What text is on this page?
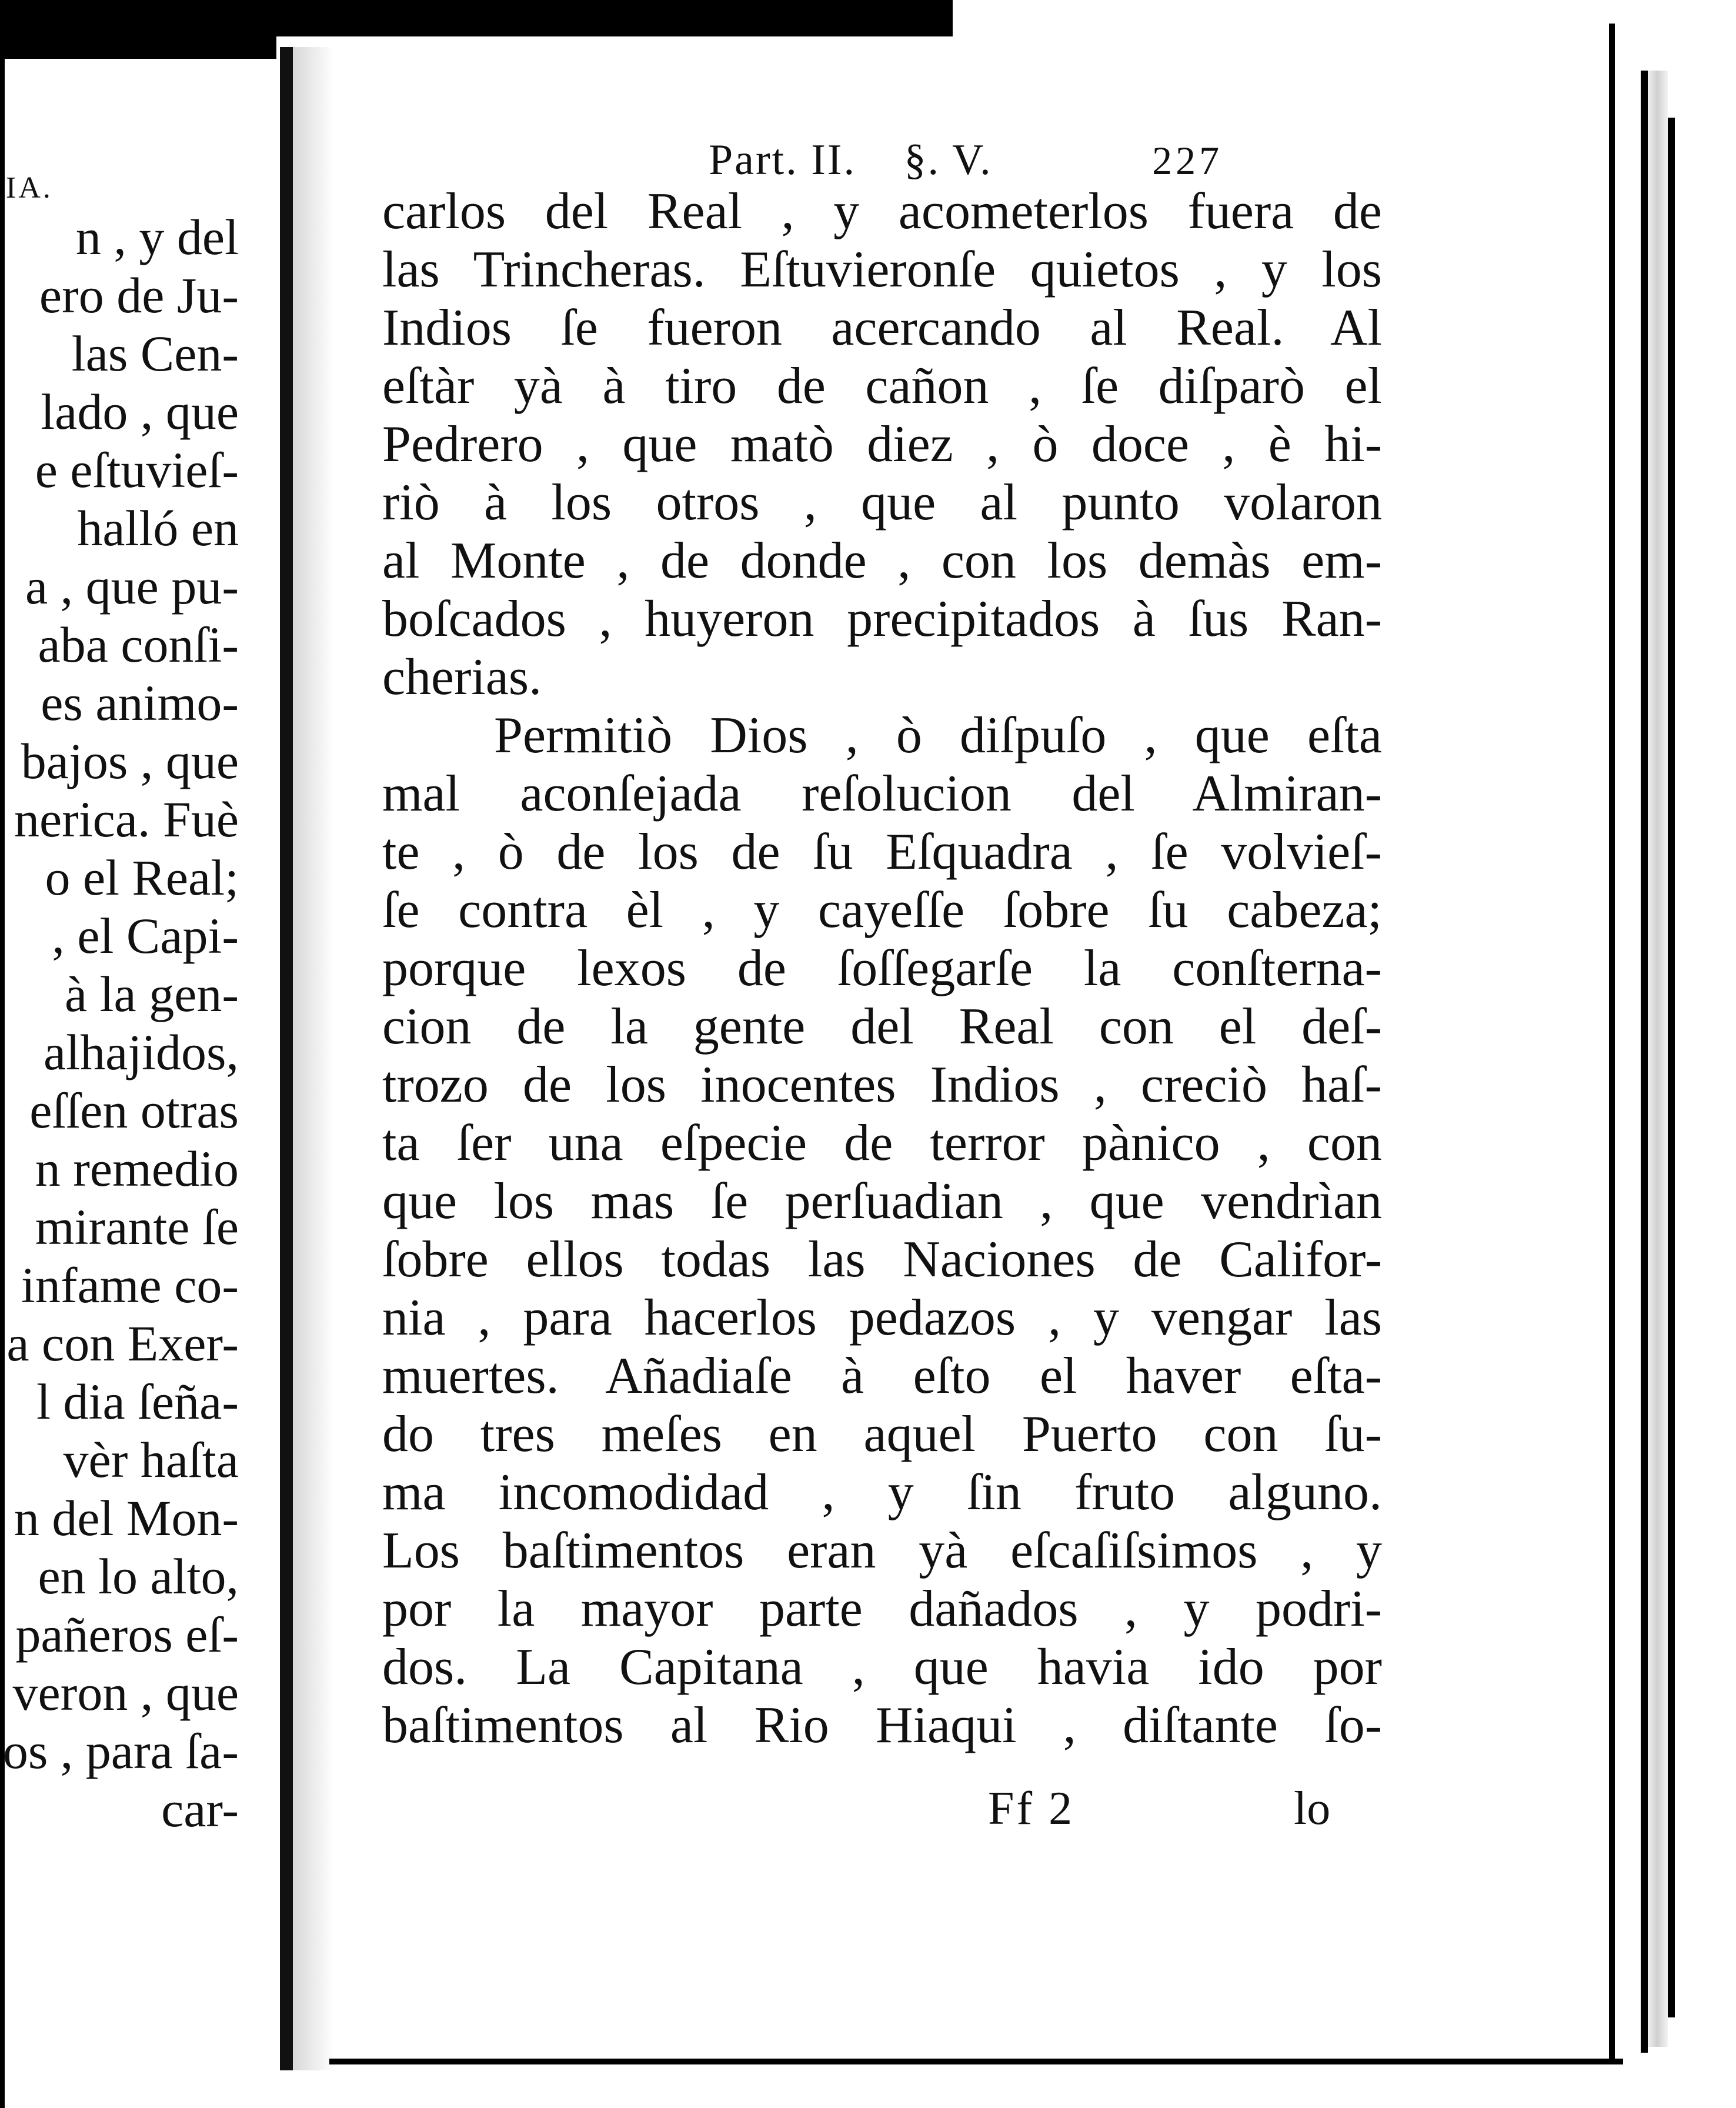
IA.
n , y del
ero de Ju-
las Cen-
lado , que
e eſtuvieſ-
halló en
a , que pu-
aba conſi-
es animo-
bajos , que
nerica. Fuè
o el Real;
, el Capi-
à la gen-
alhajidos,
eſſen otras
n remedio
mirante ſe
infame co-
a con Exer-
l dia ſeña-
vèr haſta
n del Mon-
en lo alto,
pañeros eſ-
veron , que
os , para ſa-
car-
Part. II. §. V.	227
carlos del Real , y acometerlos fuera de
las Trincheras. Eſtuvieronſe quietos , y los
Indios ſe fueron acercando al Real. Al
eſtàr yà à tiro de cañon , ſe diſparò el
Pedrero , que matò diez , ò doce , è hi-
riò à los otros , que al punto volaron
al Monte , de donde , con los demàs em-
boſcados , huyeron precipitados à ſus Ran-
cherias.
Permitiò Dios , ò diſpuſo , que eſta
mal aconſejada reſolucion del Almiran-
te , ò de los de ſu Eſquadra , ſe volvieſ-
ſe contra èl , y cayeſſe ſobre ſu cabeza;
porque lexos de ſoſſegarſe la conſterna-
cion de la gente del Real con el deſ-
trozo de los inocentes Indios , creciò haſ-
ta ſer una eſpecie de terror pànico , con
que los mas ſe perſuadian , que vendrìan
ſobre ellos todas las Naciones de Califor-
nia , para hacerlos pedazos , y vengar las
muertes. Añadiaſe à eſto el haver eſta-
do tres meſes en aquel Puerto con ſu-
ma incomodidad , y ſin fruto alguno.
Los baſtimentos eran yà eſcaſiſsimos , y
por la mayor parte dañados , y podri-
dos. La Capitana , que havia ido por
baſtimentos al Rio Hiaqui , diſtante ſo-
Ff 2	lo
